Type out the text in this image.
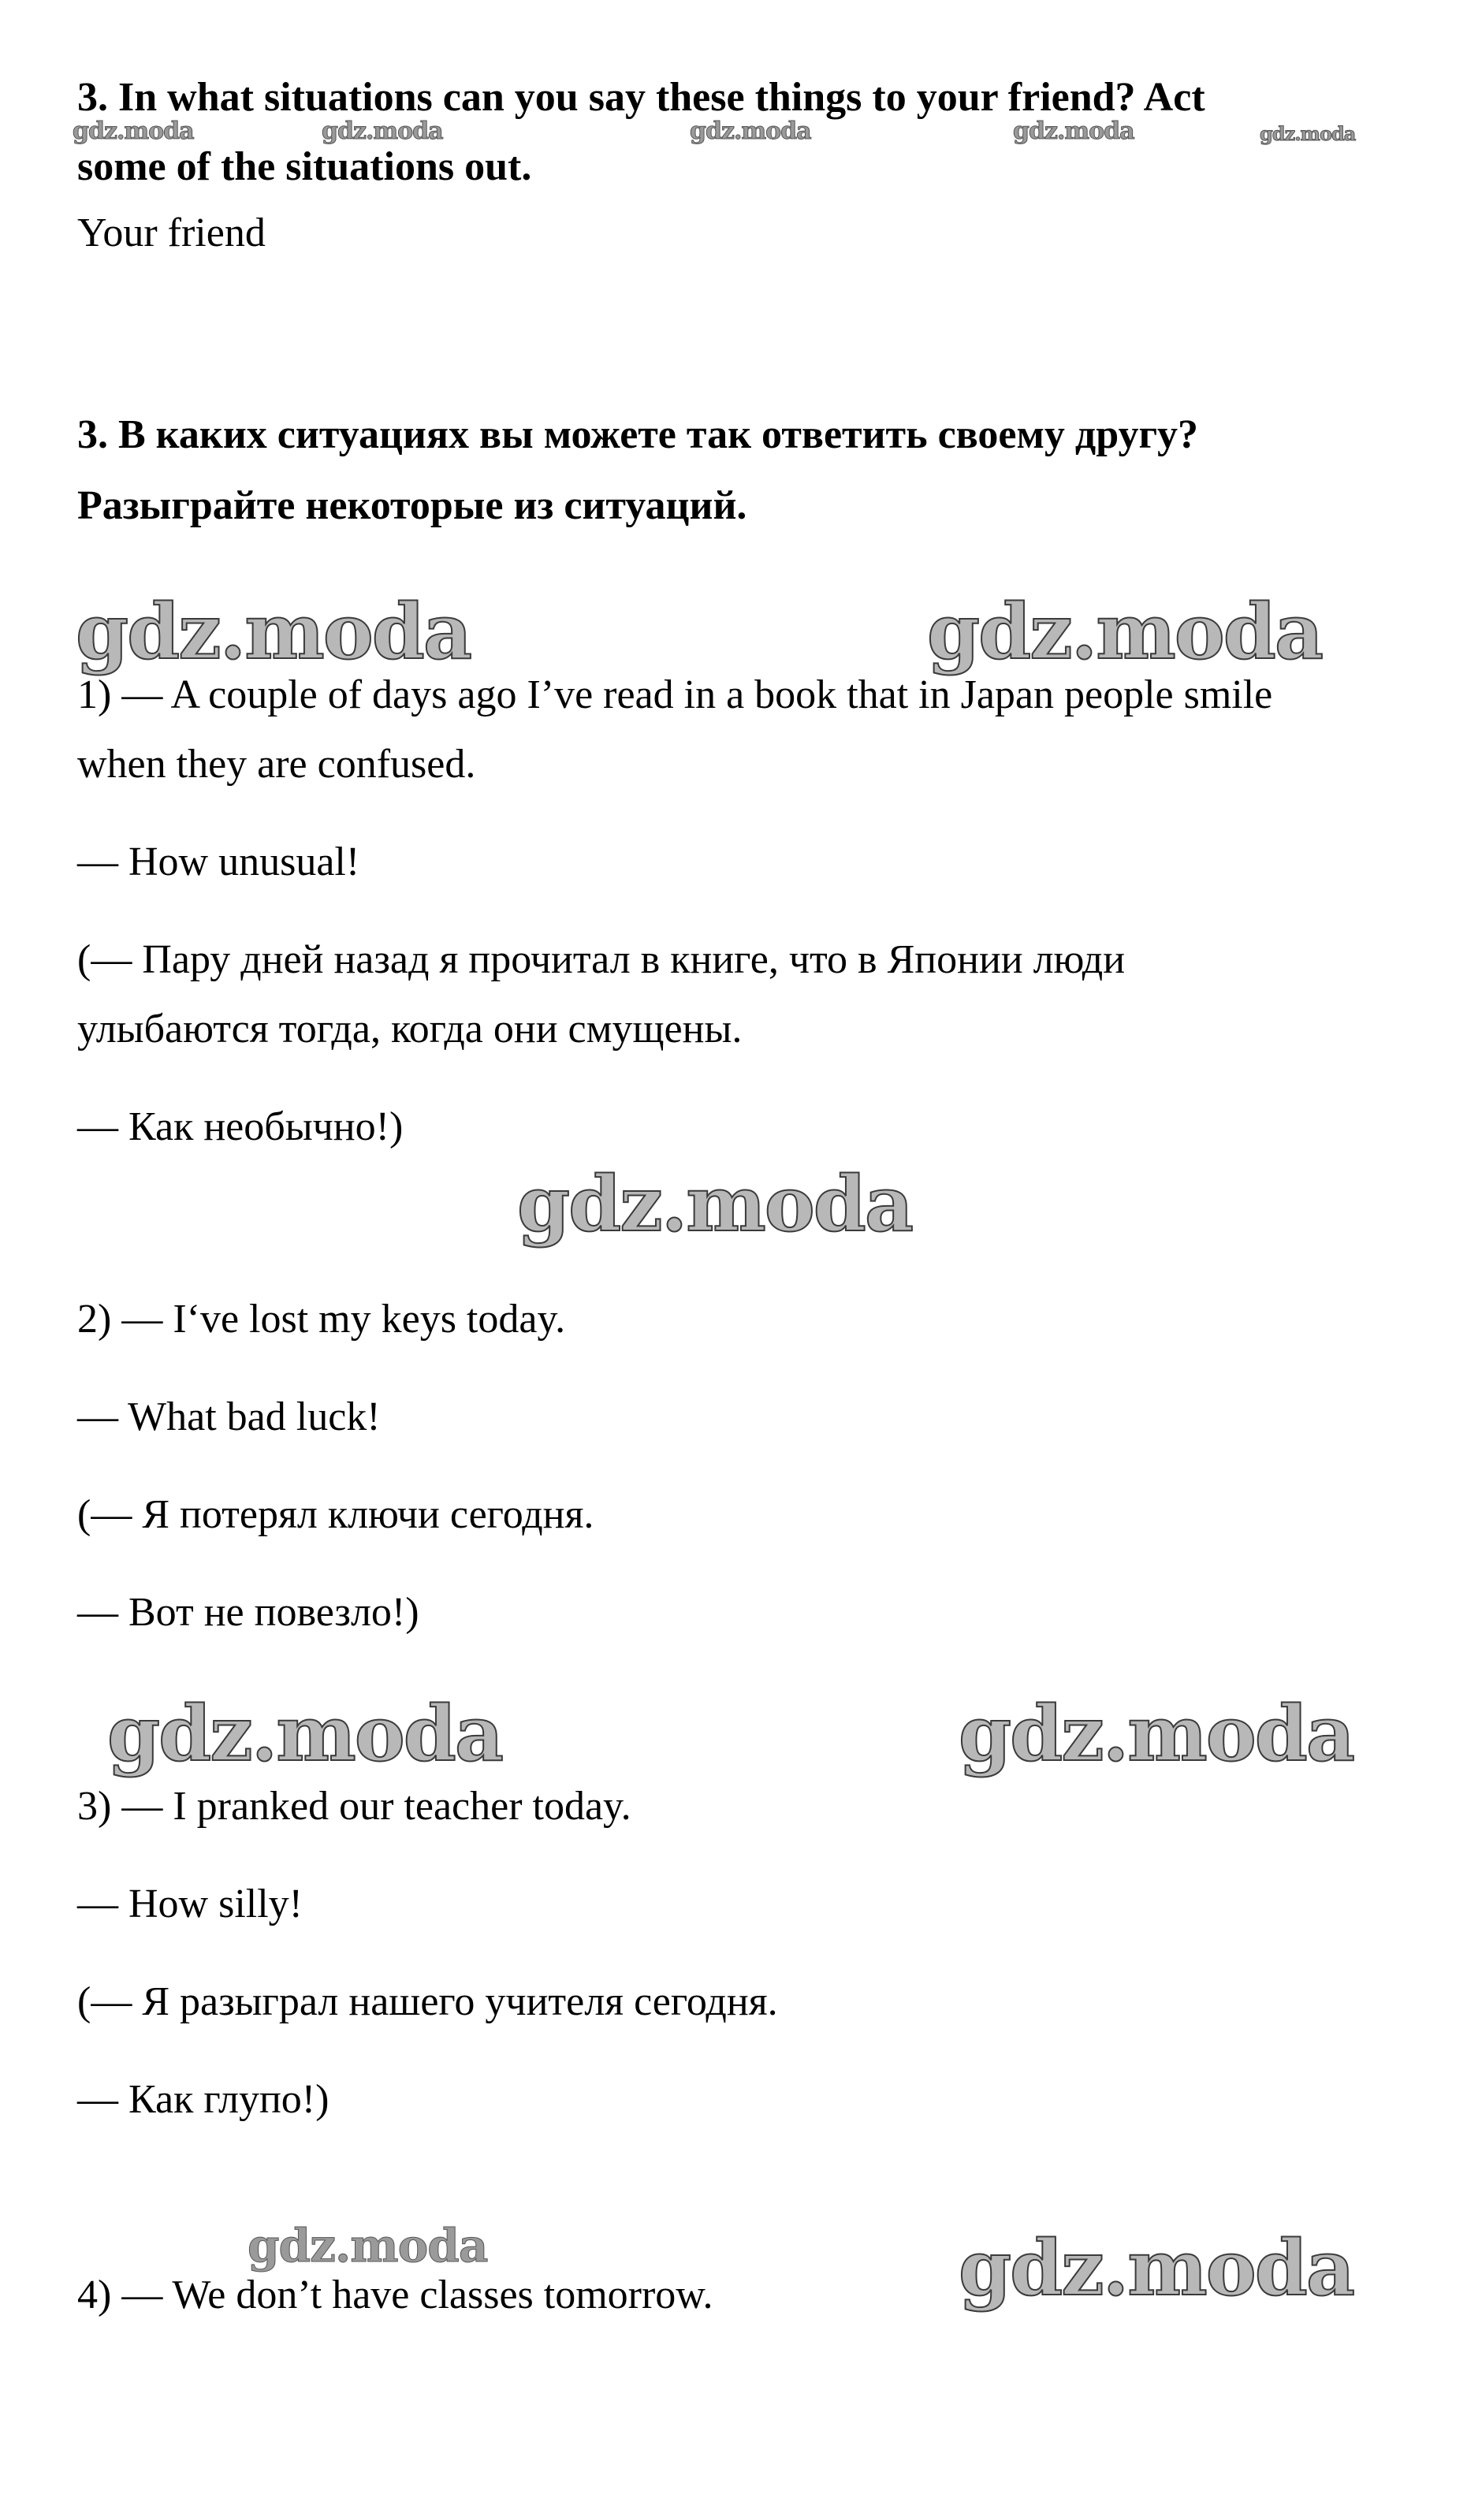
gdz.moda	gdz.moda	gdz.moda	gdz.moda	gdz.moda

3. In what situations can you say these things to your friend? Act

some of the situations out.

Your friend

3. В каких ситуациях вы можете так ответить своему другу?

Разыграйте некоторые из ситуаций.

gdz.moda	gdz.moda

1) — A couple of days ago I’ve read in a book that in Japan people smile

when they are confused.

— How unusual!

(— Пару дней назад я прочитал в книге, что в Японии люди

улыбаются тогда, когда они смущены.

— Как необычно!)

gdz.moda

2) — I‘ve lost my keys today.

— What bad luck!

(— Я потерял ключи сегодня.

— Вот не повезло!)

gdz.moda	gdz.moda

3) — I pranked our teacher today.

— How silly!

(— Я разыграл нашего учителя сегодня.

— Как глупо!)

gdz.moda	gdz.moda

4) — We don’t have classes tomorrow.
